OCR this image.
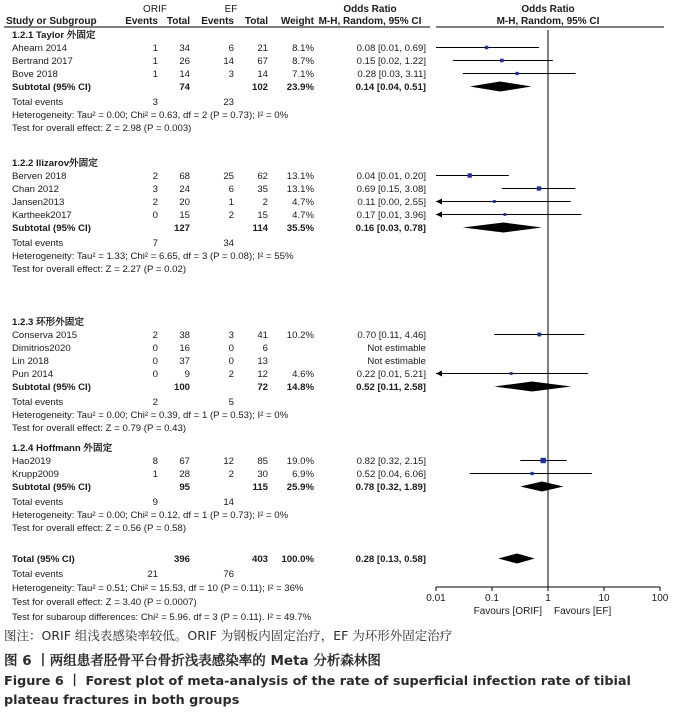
ORIF	EF	Odds Ratio	Odds Ratio
Study or Subgroup	Events Total Events Total Weight M-H, Random, 95% CI	M-H, Random, 95% CI
1.2.1 Taylor 外固定
Ahearn 2014	1 34	6 21	8.1%	0.08 [0.01, 0.69]
Bertrand 2017	1 26	14 67	8.7%	0.15 [0.02, 1.22]
Bove 2018	1 14	3 14	7.1%	0.28 [0.03, 3.11]
Subtotal (95% CI)	74	102 23.9%	0.14 [0.04, 0.51]
Total events	3	23
Heterogeneity: Tau² = 0.00; Chi² = 0.63, df = 2 (P = 0.73); I² = 0%
Test for overall effect: Z = 2.98 (P = 0.003)
1.2.2 Ilizarov外固定
Berven 2018	2 68	25 62 13.1%	0.04 [0.01, 0.20]
Chan 2012	3 24	6 35 13.1%	0.69 [0.15, 3.08]
Jansen2013	2 20	1	2	4.7%	0.11 [0.00, 2.55]
Kartheek2017	0 15	2 15	4.7%	0.17 [0.01, 3.96]
Subtotal (95% CI)	127	114 35.5%	0.16 [0.03, 0.78]
Total events	7	34
Heterogeneity: Tau² = 1.33; Chi² = 6.65, df = 3 (P = 0.08); I² = 55%
Test for overall effect: Z = 2.27 (P = 0.02)
1.2.3 环形外固定
Conserva 2015	2 38	3 41 10.2%	0.70 [0.11, 4.46]
Dimitrios2020	0 16	0	6	Not estimable
Lin 2018	0 37	0 13	Not estimable
Pun 2014	0	9	2 12	4.6%	0.22 [0.01, 5.21]
Subtotal (95% CI)	100	72 14.8%	0.52 [0.11, 2.58]
Total events	2	5
Heterogeneity: Tau² = 0.00; Chi² = 0.39, df = 1 (P = 0.53); I² = 0%
Test for overall effect: Z = 0.79 (P = 0.43)
1.2.4 Hoffmann 外固定
Hao2019	8 67	12 85 19.0%	0.82 [0.32, 2.15]
Krupp2009	1 28	2 30	6.9%	0.52 [0.04, 6.06]
Subtotal (95% CI)	95	115 25.9%	0.78 [0.32, 1.89]
Total events	9	14
Heterogeneity: Tau² = 0.00; Chi² = 0.12, df = 1 (P = 0.73); I² = 0%
Test for overall effect: Z = 0.56 (P = 0.58)
Total (95% CI)	396	403 100.0%	0.28 [0.13, 0.58]
Total events	21	76
Heterogeneity: Tau² = 0.51; Chi² = 15.53, df = 10 (P = 0.11); I² = 36%
Test for overall effect: Z = 3.40 (P = 0.0007)
Test for subaroup differences: Chi² = 5.96. df = 3 (P = 0.11). I² = 49.7%
0.01	0.1	1	10	100
Favours [ORIF] Favours [EF]

图注：ORIF 组浅表感染率较低。ORIF 为钢板内固定治疗，EF 为环形外固定治疗

图 6 丨两组患者胫骨平台骨折浅表感染率的 Meta 分析森林图

Figure 6 丨 Forest plot of meta-analysis of the rate of superficial infection rate of tibial plateau fractures in both groups
